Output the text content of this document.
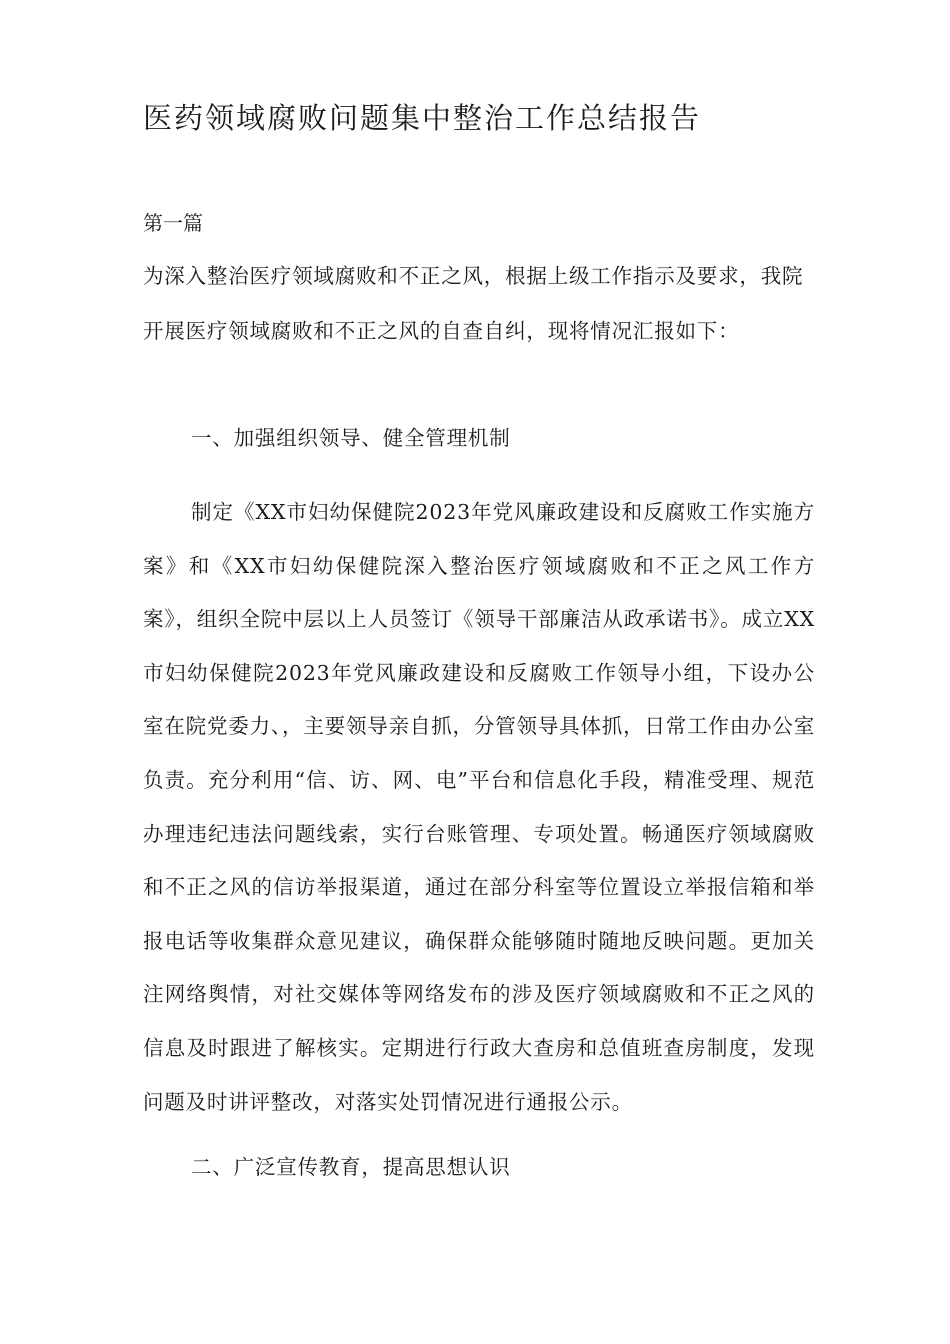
医药领域腐败问题集中整治工作总结报告
第一篇
为深入整治医疗领域腐败和不正之风，根据上级工作指示及要求，我院开展医疗领域腐败和不正之风的自查自纠，现将情况汇报如下：
一、加强组织领导、健全管理机制
制定《XX市妇幼保健院2023年党风廉政建设和反腐败工作实施方案》和《XX市妇幼保健院深入整治医疗领域腐败和不正之风工作方案》，组织全院中层以上人员签订《领导干部廉洁从政承诺书》。成立XX市妇幼保健院2023年党风廉政建设和反腐败工作领导小组，下设办公室在院党委力、，主要领导亲自抓，分管领导具体抓，日常工作由办公室负责。充分利用“信、访、网、电”平台和信息化手段，精准受理、规范办理违纪违法问题线索，实行台账管理、专项处置。畅通医疗领域腐败和不正之风的信访举报渠道，通过在部分科室等位置设立举报信箱和举报电话等收集群众意见建议，确保群众能够随时随地反映问题。更加关注网络舆情，对社交媒体等网络发布的涉及医疗领域腐败和不正之风的信息及时跟进了解核实。定期进行行政大查房和总值班查房制度，发现问题及时讲评整改，对落实处罚情况进行通报公示。
二、广泛宣传教育，提高思想认识
